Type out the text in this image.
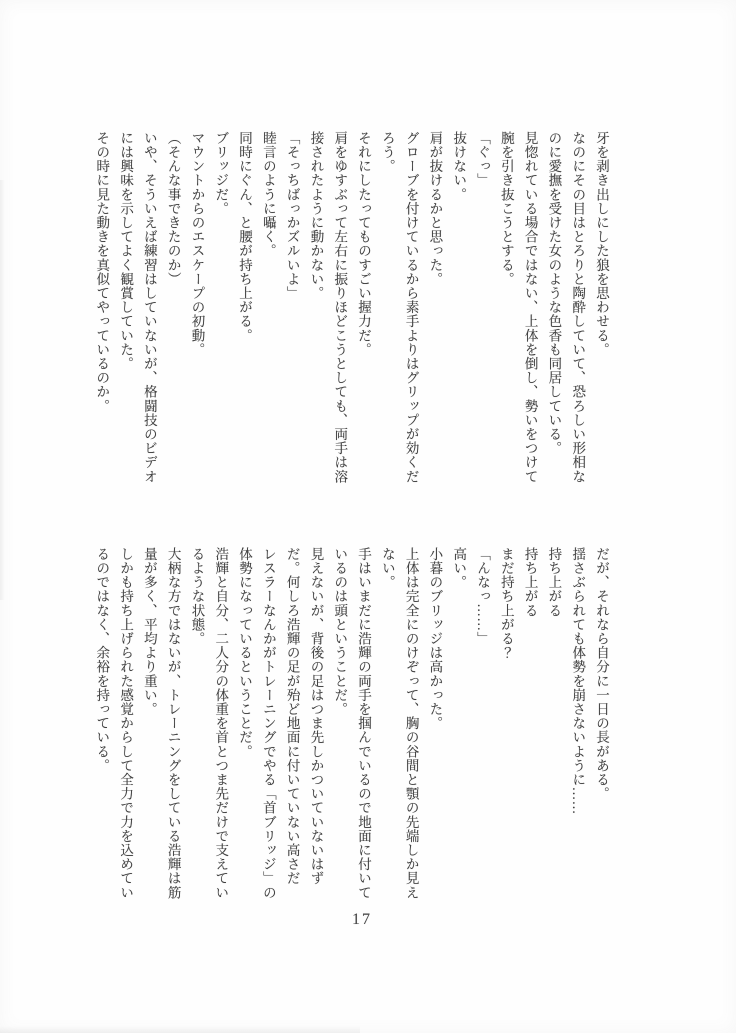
牙を剥き出しにした狼を思わせる。

なのにその目はとろりと陶酔していて、恐ろしい形相な

のに愛撫を受けた女のような色香も同居している。

見惚れている場合ではない、上体を倒し、勢いをつけて

腕を引き抜こうとする。

「ぐっ」

抜けない。

肩が抜けるかと思った。

グローブを付けているから素手よりはグリップが効くだ

ろう。

それにしたってものすごい握力だ。

肩をゆすぶって左右に振りほどこうとしても、両手は溶

接されたように動かない。

「そっちばっかズルいよ」

睦言のように囁く。

同時にぐん、と腰が持ち上がる。

ブリッジだ。

マウントからのエスケープの初動。

（そんな事できたのか）

いや、そういえば練習はしていないが、格闘技のビデオ

には興味を示してよく観賞していた。

その時に見た動きを真似てやっているのか。

だが、それなら自分に一日の長がある。

揺さぶられても体勢を崩さないように……

持ち上がる

持ち上がる

まだ持ち上がる？

「んなっ……」

高い。

小暮のブリッジは高かった。

上体は完全にのけぞって、胸の谷間と顎の先端しか見え

ない。

手はいまだに浩輝の両手を掴んでいるので地面に付いて

いるのは頭ということだ。

見えないが、背後の足はつま先しかついていないはず

だ。何しろ浩輝の足が殆ど地面に付いていない高さだ

レスラーなんかがトレーニングでやる「首ブリッジ」の

体勢になっているということだ。

浩輝と自分、二人分の体重を首とつま先だけで支えてい

るような状態。

大柄な方ではないが、トレーニングをしている浩輝は筋

量が多く、平均より重い。

しかも持ち上げられた感覚からして全力で力を込めてい

るのではなく、余裕を持っている。

17
